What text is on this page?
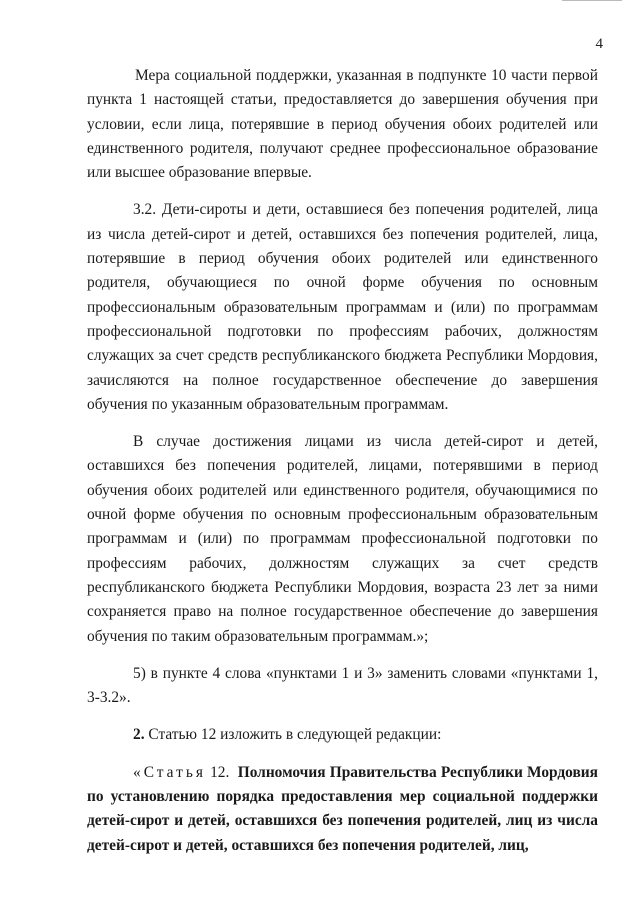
4

Мера социальной поддержки, указанная в подпункте 10 части первой пункта 1 настоящей статьи, предоставляется до завершения обучения при условии, если лица, потерявшие в период обучения обоих родителей или единственного родителя, получают среднее профессиональное образование или высшее образование впервые.

3.2. Дети-сироты и дети, оставшиеся без попечения родителей, лица из числа детей-сирот и детей, оставшихся без попечения родителей, лица, потерявшие в период обучения обоих родителей или единственного родителя, обучающиеся по очной форме обучения по основным профессиональным образовательным программам и (или) по программам профессиональной подготовки по профессиям рабочих, должностям служащих за счет средств республиканского бюджета Республики Мордовия, зачисляются на полное государственное обеспечение до завершения обучения по указанным образовательным программам.

В случае достижения лицами из числа детей-сирот и детей, оставшихся без попечения родителей, лицами, потерявшими в период обучения обоих родителей или единственного родителя, обучающимися по очной форме обучения по основным профессиональным образовательным программам и (или) по программам профессиональной подготовки по профессиям рабочих, должностям служащих за счет средств республиканского бюджета Республики Мордовия, возраста 23 лет за ними сохраняется право на полное государственное обеспечение до завершения обучения по таким образовательным программам.»;

5) в пункте 4 слова «пунктами 1 и 3» заменить словами «пунктами 1, 3-3.2».

2. Статью 12 изложить в следующей редакции:

«Статья 12. Полномочия Правительства Республики Мордовия по установлению порядка предоставления мер социальной поддержки детей-сирот и детей, оставшихся без попечения родителей, лиц из числа детей-сирот и детей, оставшихся без попечения родителей, лиц,
